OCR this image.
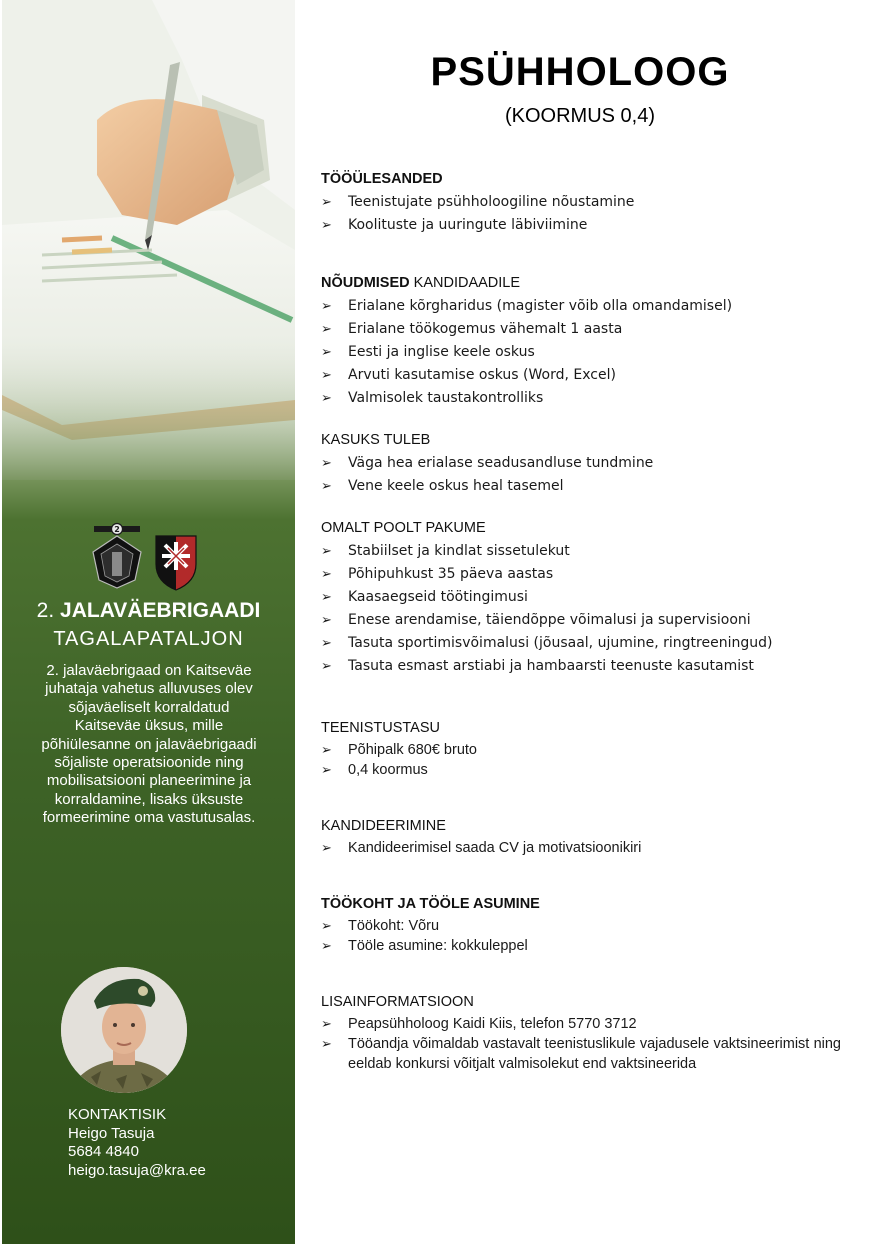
2
2. JALAVÄEBRIGAADI
TAGALAPATALJON
2. jalaväebrigaad on Kaitseväe juhataja vahetus alluvuses olev sõjaväeliselt korraldatud Kaitseväe üksus, mille põhiülesanne on jalaväebrigaadi sõjaliste operatsioonide ning mobilisatsiooni planeerimine ja korraldamine, lisaks üksuste formeerimine oma vastutusalas.
KONTAKTISIK
Heigo Tasuja
5684 4840
heigo.tasuja@kra.ee
PSÜHHOLOOG
(KOORMUS 0,4)
TÖÖÜLESANDED
➢ Teenistujate psühholoogiline nõustamine
➢ Koolituste ja uuringute läbiviimine
NÕUDMISED KANDIDAADILE
➢ Erialane kõrgharidus (magister võib olla omandamisel)
➢ Erialane töökogemus vähemalt 1 aasta
➢ Eesti ja inglise keele oskus
➢ Arvuti kasutamise oskus (Word, Excel)
➢ Valmisolek taustakontrolliks
KASUKS TULEB
➢ Väga hea erialase seadusandluse tundmine
➢ Vene keele oskus heal tasemel
OMALT POOLT PAKUME
➢ Stabiilset ja kindlat sissetulekut
➢ Põhipuhkust 35 päeva aastas
➢ Kaasaegseid töötingimusi
➢ Enese arendamise, täiendõppe võimalusi ja supervisiooni
➢ Tasuta sportimisvõimalusi (jõusaal, ujumine, ringtreeningud)
➢ Tasuta esmast arstiabi ja hambaarsti teenuste kasutamist
TEENISTUSTASU
➢ Põhipalk 680€ bruto
➢ 0,4 koormus
KANDIDEERIMINE
➢ Kandideerimisel saada CV ja motivatsioonikiri
TÖÖKOHT JA TÖÖLE ASUMINE
➢ Töökoht: Võru
➢ Tööle asumine: kokkuleppel
LISAINFORMATSIOON
➢ Peapsühholoog Kaidi Kiis, telefon 5770 3712
➢ Tööandja võimaldab vastavalt teenistuslikule vajadusele vaktsineerimist ning eeldab konkursi võitjalt valmisolekut end vaktsineerida
